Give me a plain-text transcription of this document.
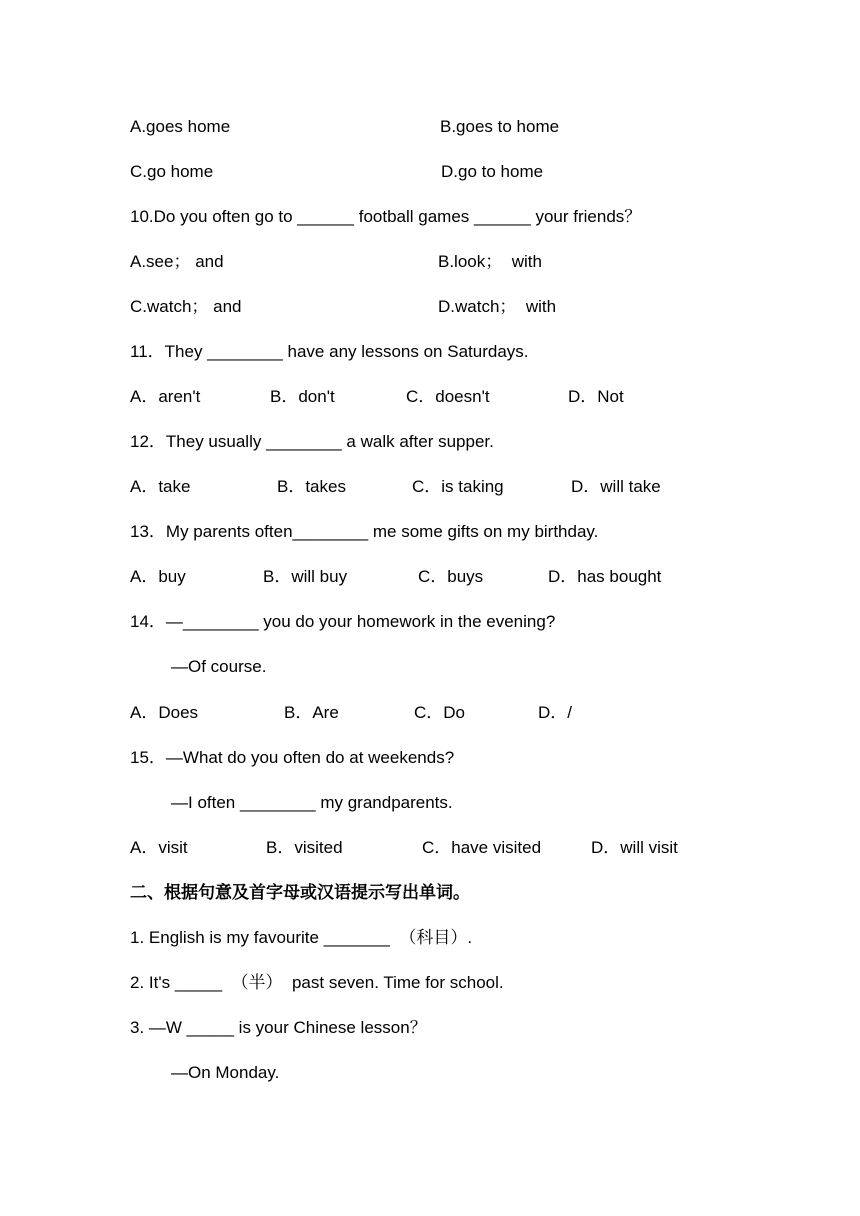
A.goes home	B.goes to home
C.go home	D.go to home
10.Do you often go to ______ football games ______ your friends？
A.see； and	B.look；  with
C.watch； and	D.watch；  with
11．They ________ have any lessons on Saturdays.
A．aren't	B．don't	C．doesn't	D．Not
12．They usually ________ a walk after supper.
A．take	B．takes	C．is taking	D．will take
13．My parents often________ me some gifts on my birthday.
A．buy	B．will buy	C．buys	D．has bought
14．—________ you do your homework in the evening?
—Of course.
A．Does	B．Are	C．Do	D．/
15．—What do you often do at weekends?
—I often ________ my grandparents.
A．visit	B．visited	C．have visited	D．will visit
二、根据句意及首字母或汉语提示写出单词。
1. English is my favourite _______  （科目）.
2. It's _____  （半）  past seven. Time for school.
3. —W _____ is your Chinese lesson？
—On Monday.
